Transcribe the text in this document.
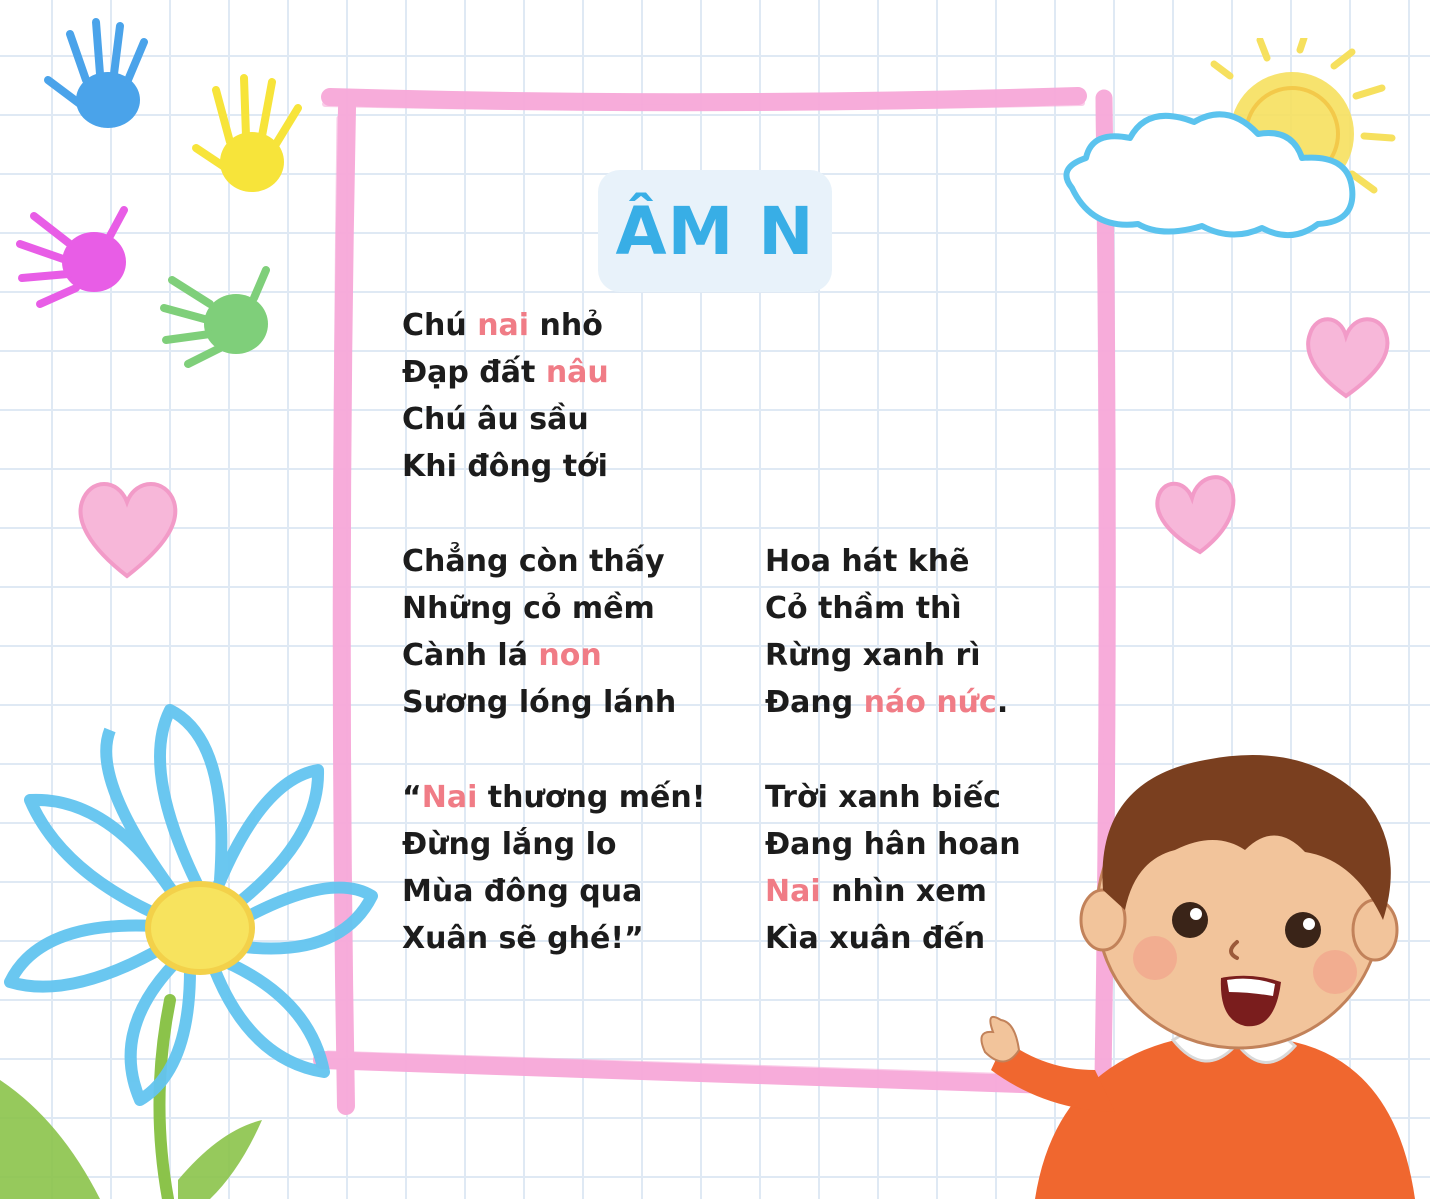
ÂM N
Chú nai nhỏ
Đạp đất nâu
Chú âu sầu
Khi đông tới
Chẳng còn thấy
Những cỏ mềm
Cành lá non
Sương lóng lánh
Hoa hát khẽ
Cỏ thầm thì
Rừng xanh rì
Đang náo nức.
“Nai thương mến!
Đừng lắng lo
Mùa đông qua
Xuân sẽ ghé!”
Trời xanh biếc
Đang hân hoan
Nai nhìn xem
Kìa xuân đến
